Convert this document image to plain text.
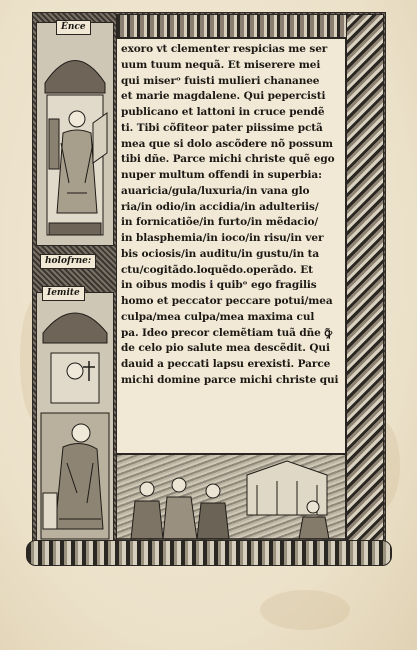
Ẽnce
holofrne:
Iemite
exoro vt clementer respicias me ser
uum tuum nequã. Et miserere mei
qui miserᵒ fuisti mulieri chananee
et marie magdalene. Qui pepercisti
publicano et lattoni in cruce pendẽ
ti. Tibi cõfiteor pater piissime pctã
mea que si dolo ascõdere nõ possum
tibi dñe. Parce michi christe quẽ ego
nuper multum offendi in superbia:
auaricia/gula/luxuria/in vana glo
ria/in odio/in accidia/in adulteriis/
in fornicatiõe/in furto/in mẽdacio/
in blasphemia/in ioco/in risu/in ver
bis ociosis/in auditu/in gustu/in ta
ctu/cogitãdo.loquẽdo.operãdo. Et
in oibus modis i quibᵒ ego fragilis
homo et peccator peccare potui/mea
culpa/mea culpa/mea maxima cul
pa. Ideo precor clemẽtiam tuã dñe ꝙ̃
de celo pio salute mea descẽdit. Qui
dauid a peccati lapsu erexisti. Parce
michi domine parce michi christe qui
